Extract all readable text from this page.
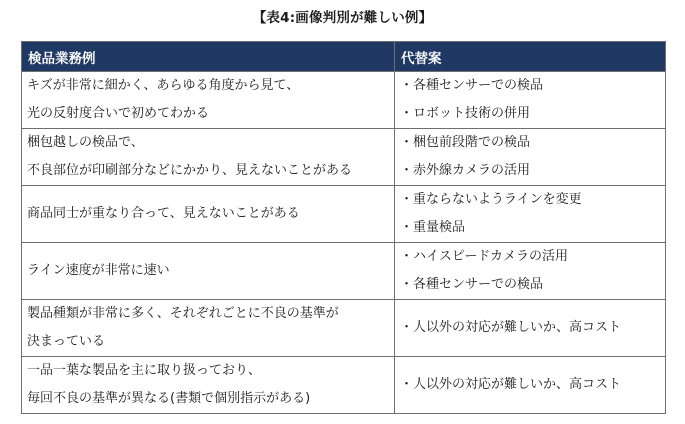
【表4:画像判別が難しい例】
検品業務例	代替案

キズが非常に細かく、あらゆる角度から見て、
光の反射度合いで初めてわかる	・各種センサーでの検品
・ロボット技術の併用

梱包越しの検品で、
不良部位が印刷部分などにかかり、見えないことがある	・梱包前段階での検品
・赤外線カメラの活用

商品同士が重なり合って、見えないことがある	・重ならないようラインを変更
・重量検品

ライン速度が非常に速い	・ハイスピードカメラの活用
・各種センサーでの検品

製品種類が非常に多く、それぞれごとに不良の基準が
決まっている	・人以外の対応が難しいか、高コスト

一品一葉な製品を主に取り扱っており、
毎回不良の基準が異なる(書類で個別指示がある)	・人以外の対応が難しいか、高コスト
